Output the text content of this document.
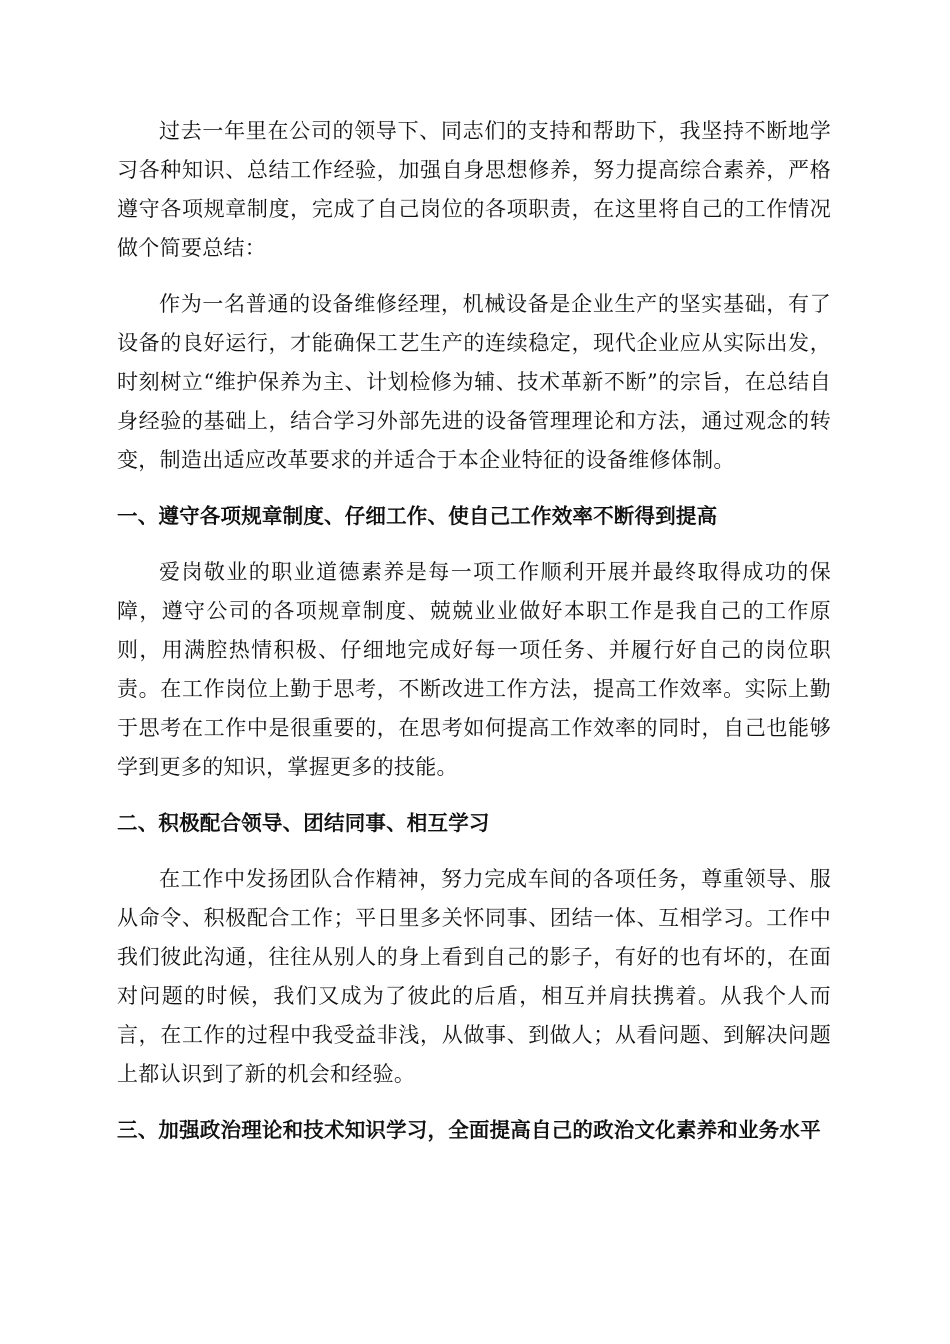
过去一年里在公司的领导下、同志们的支持和帮助下，我坚持不断地学习各种知识、总结工作经验，加强自身思想修养，努力提高综合素养，严格遵守各项规章制度，完成了自己岗位的各项职责，在这里将自己的工作情况做个简要总结：

作为一名普通的设备维修经理，机械设备是企业生产的坚实基础，有了设备的良好运行，才能确保工艺生产的连续稳定，现代企业应从实际出发，时刻树立“维护保养为主、计划检修为辅、技术革新不断”的宗旨，在总结自身经验的基础上，结合学习外部先进的设备管理理论和方法，通过观念的转变，制造出适应改革要求的并适合于本企业特征的设备维修体制。

一、遵守各项规章制度、仔细工作、使自己工作效率不断得到提高

爱岗敬业的职业道德素养是每一项工作顺利开展并最终取得成功的保障，遵守公司的各项规章制度、兢兢业业做好本职工作是我自己的工作原则，用满腔热情积极、仔细地完成好每一项任务、并履行好自己的岗位职责。在工作岗位上勤于思考，不断改进工作方法，提高工作效率。实际上勤于思考在工作中是很重要的，在思考如何提高工作效率的同时，自己也能够学到更多的知识，掌握更多的技能。

二、积极配合领导、团结同事、相互学习

在工作中发扬团队合作精神，努力完成车间的各项任务，尊重领导、服从命令、积极配合工作；平日里多关怀同事、团结一体、互相学习。工作中我们彼此沟通，往往从别人的身上看到自己的影子，有好的也有坏的，在面对问题的时候，我们又成为了彼此的后盾，相互并肩扶携着。从我个人而言，在工作的过程中我受益非浅，从做事、到做人；从看问题、到解决问题上都认识到了新的机会和经验。

三、加强政治理论和技术知识学习，全面提高自己的政治文化素养和业务水平
